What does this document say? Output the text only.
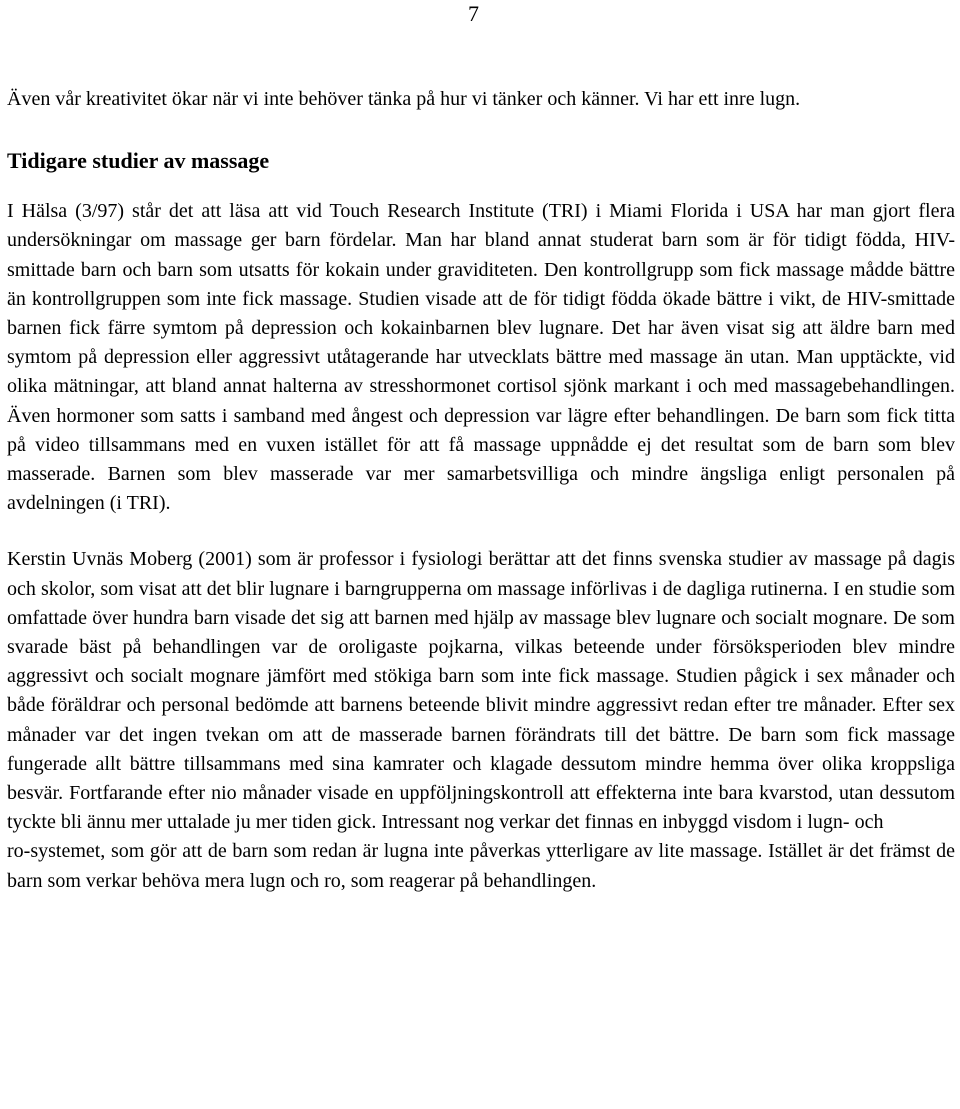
7

Även vår kreativitet ökar när vi inte behöver tänka på hur vi tänker och känner. Vi har ett inre lugn.

Tidigare studier av massage

I Hälsa (3/97) står det att läsa att vid Touch Research Institute (TRI) i Miami Florida i USA har man gjort flera undersökningar om massage ger barn fördelar. Man har bland annat studerat barn som är för tidigt födda, HIV-smittade barn och barn som utsatts för kokain under graviditeten. Den kontrollgrupp som fick massage mådde bättre än kontrollgruppen som inte fick massage. Studien visade att de för tidigt födda ökade bättre i vikt, de HIV-smittade barnen fick färre symtom på depression och kokainbarnen blev lugnare. Det har även visat sig att äldre barn med symtom på depression eller aggressivt utåtagerande har utvecklats bättre med massage än utan. Man upptäckte, vid olika mätningar, att bland annat halterna av stresshormonet cortisol sjönk markant i och med massagebehandlingen. Även hormoner som satts i samband med ångest och depression var lägre efter behandlingen. De barn som fick titta på video tillsammans med en vuxen istället för att få massage uppnådde ej det resultat som de barn som blev masserade. Barnen som blev masserade var mer samarbetsvilliga och mindre ängsliga enligt personalen på avdelningen (i TRI).

Kerstin Uvnäs Moberg (2001) som är professor i fysiologi berättar att det finns svenska studier av massage på dagis och skolor, som visat att det blir lugnare i barngrupperna om massage införlivas i de dagliga rutinerna. I en studie som omfattade över hundra barn visade det sig att barnen med hjälp av massage blev lugnare och socialt mognare. De som svarade bäst på behandlingen var de oroligaste pojkarna, vilkas beteende under försöksperioden blev mindre aggressivt och socialt mognare jämfört med stökiga barn som inte fick massage. Studien pågick i sex månader och både föräldrar och personal bedömde att barnens beteende blivit mindre aggressivt redan efter tre månader. Efter sex månader var det ingen tvekan om att de masserade barnen förändrats till det bättre. De barn som fick massage fungerade allt bättre tillsammans med sina kamrater och klagade dessutom mindre hemma över olika kroppsliga besvär. Fortfarande efter nio månader visade en uppföljningskontroll att effekterna inte bara kvarstod, utan dessutom tyckte bli ännu mer uttalade ju mer tiden gick. Intressant nog verkar det finnas en inbyggd visdom i lugn- och

ro-systemet, som gör att de barn som redan är lugna inte påverkas ytterligare av lite massage. Istället är det främst de barn som verkar behöva mera lugn och ro, som reagerar på behandlingen.
